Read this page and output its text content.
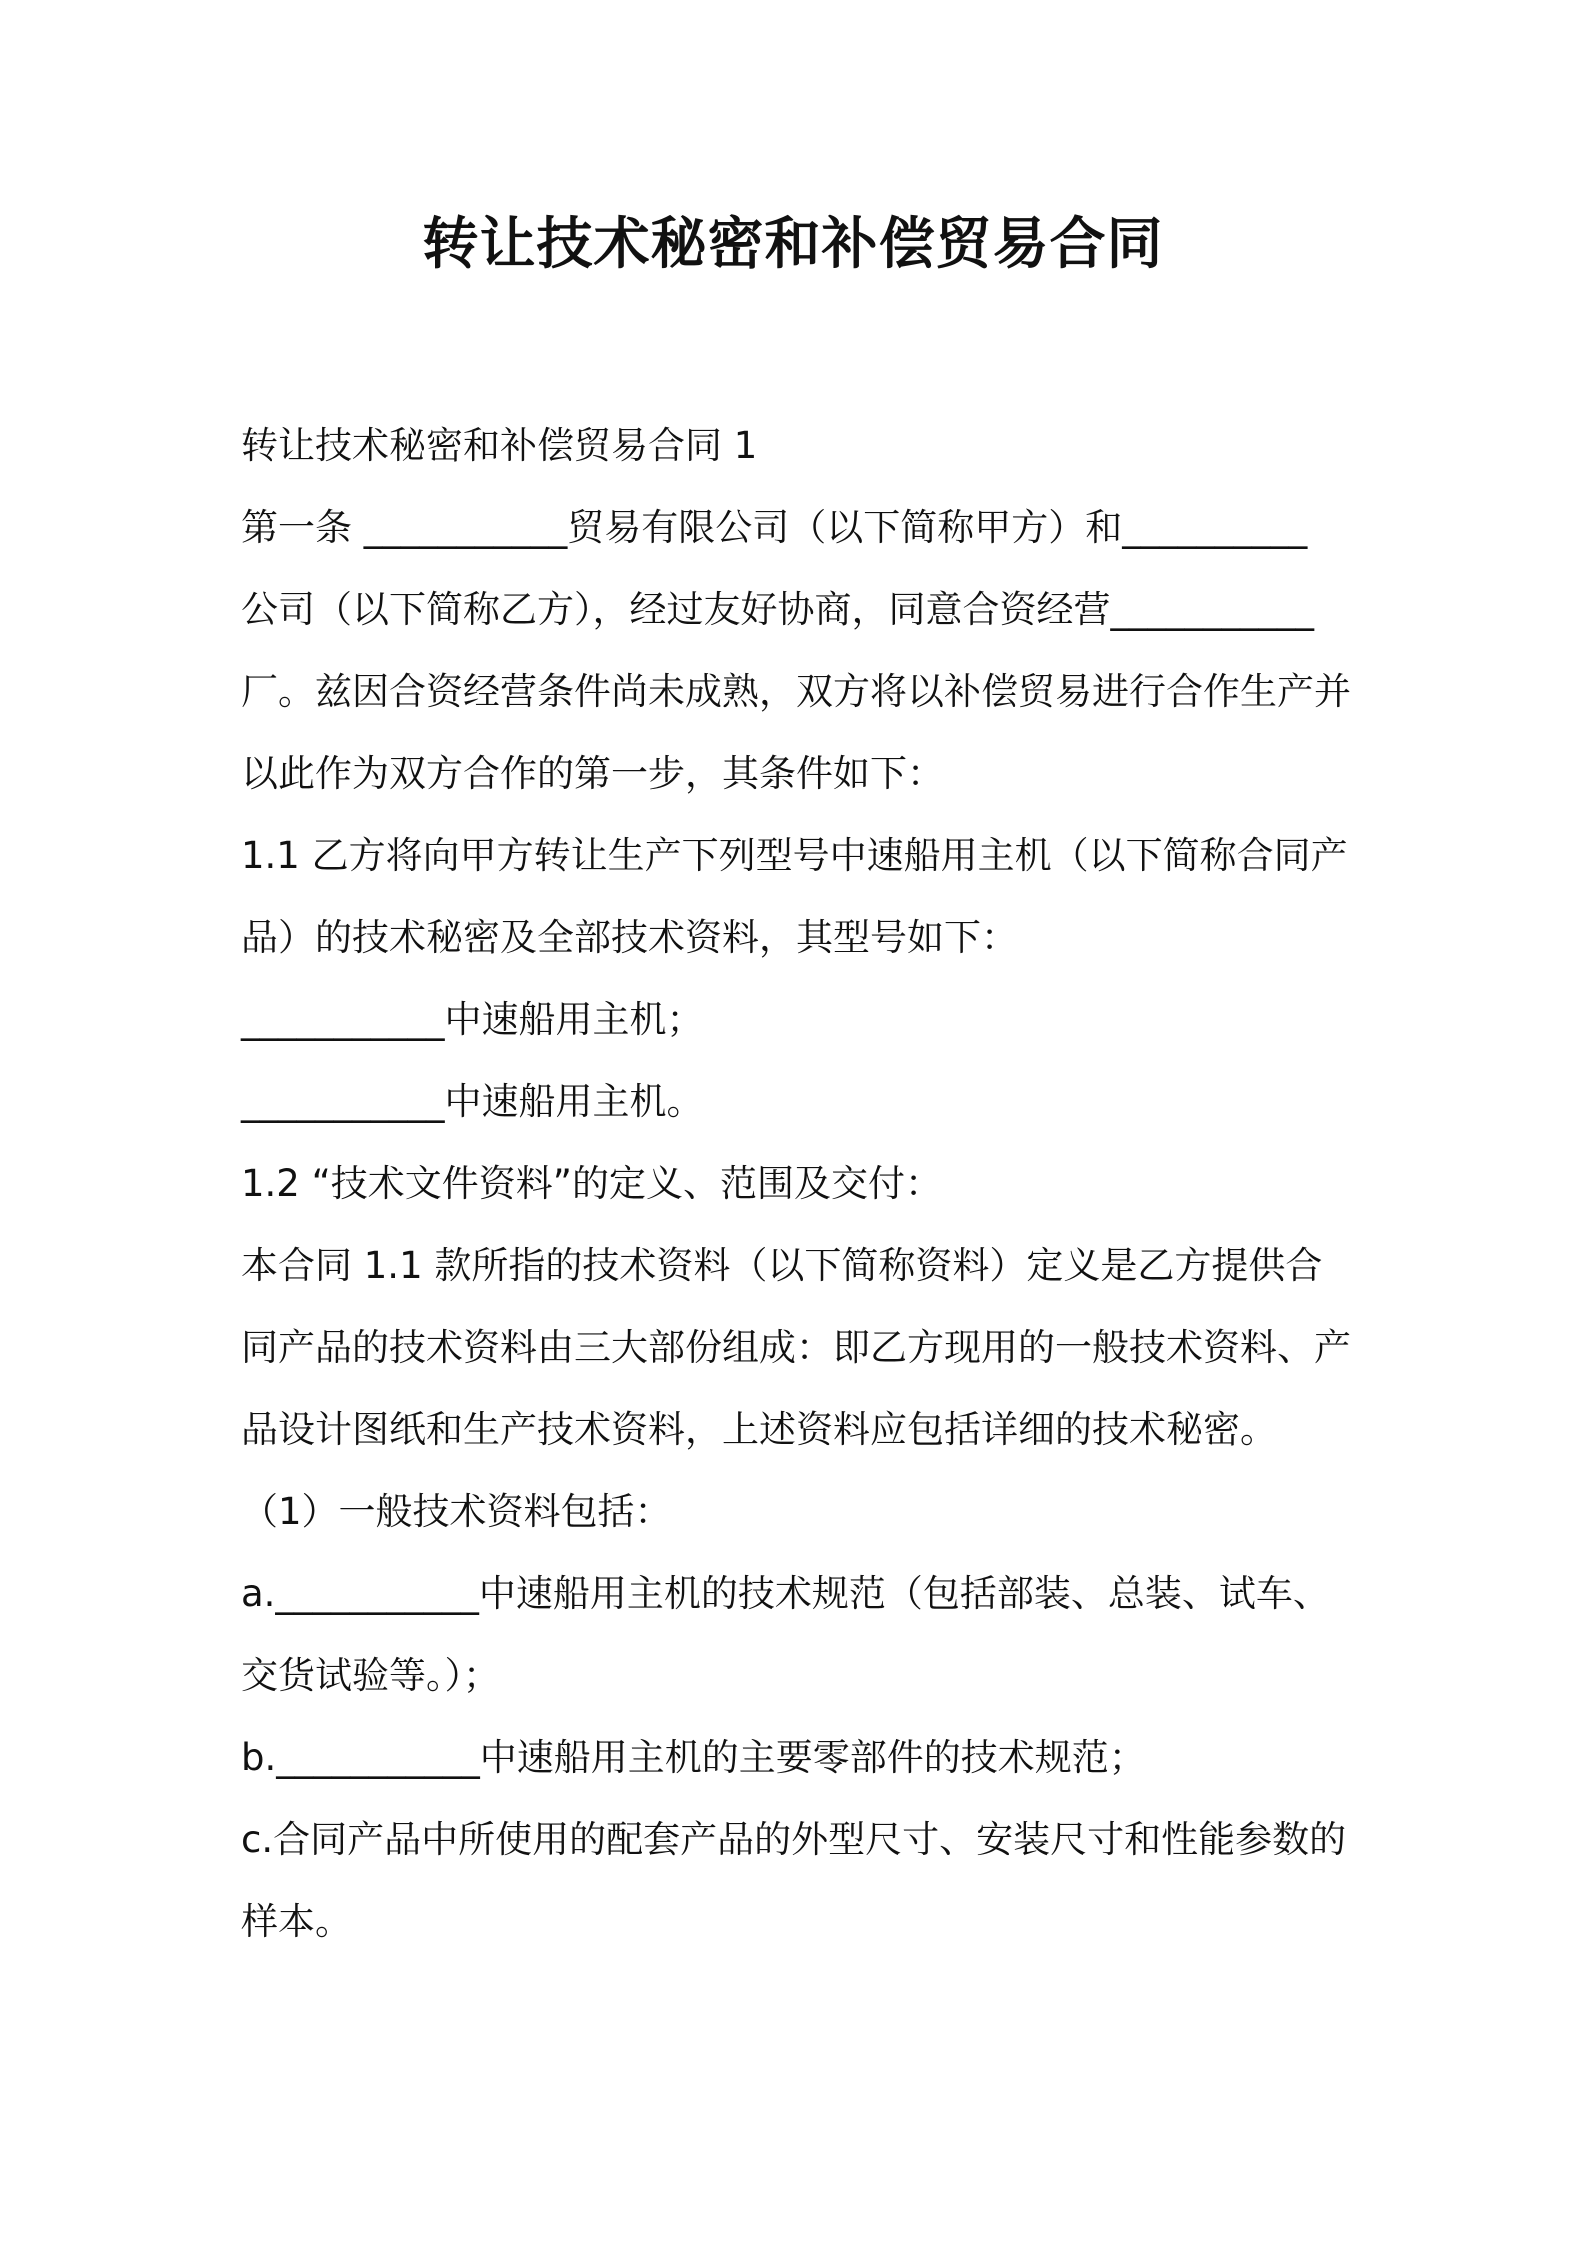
转让技术秘密和补偿贸易合同

转让技术秘密和补偿贸易合同 1

第一条 ___________贸易有限公司（以下简称甲方）和__________

公司（以下简称乙方），经过友好协商，同意合资经营___________

厂。兹因合资经营条件尚未成熟，双方将以补偿贸易进行合作生产并

以此作为双方合作的第一步，其条件如下：

1.1 乙方将向甲方转让生产下列型号中速船用主机（以下简称合同产

品）的技术秘密及全部技术资料，其型号如下：

___________中速船用主机；

___________中速船用主机。

1.2 “技术文件资料”的定义、范围及交付：

本合同 1.1 款所指的技术资料（以下简称资料）定义是乙方提供合

同产品的技术资料由三大部份组成：即乙方现用的一般技术资料、产

品设计图纸和生产技术资料，上述资料应包括详细的技术秘密。

（1）一般技术资料包括：

a.___________中速船用主机的技术规范（包括部装、总装、试车、

交货试验等。）；

b.___________中速船用主机的主要零部件的技术规范；

c.合同产品中所使用的配套产品的外型尺寸、安装尺寸和性能参数的

样本。
